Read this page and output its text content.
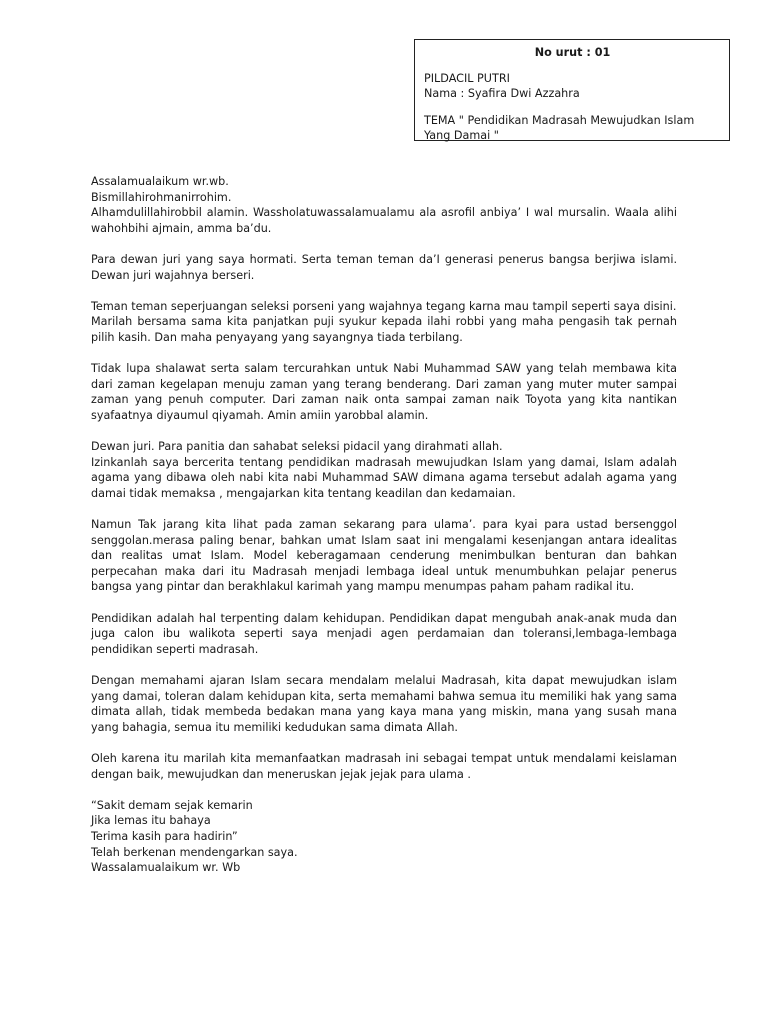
No urut : 01
PILDACIL PUTRI
Nama : Syafira Dwi Azzahra
TEMA " Pendidikan Madrasah Mewujudkan Islam
Yang Damai "

Assalamualaikum wr.wb.

Bismillahirohmanirrohim.

Alhamdulillahirobbil alamin. Wassholatuwassalamualamu ala asrofil anbiya’ I wal mursalin. Waala alihi wahohbihi ajmain, amma ba’du.

Para dewan juri yang saya hormati. Serta teman teman da’I generasi penerus bangsa berjiwa islami. Dewan juri wajahnya berseri.

Teman teman seperjuangan seleksi porseni yang wajahnya tegang karna mau tampil seperti saya disini.

Marilah bersama sama kita panjatkan puji syukur kepada ilahi robbi yang maha pengasih tak pernah pilih kasih. Dan maha penyayang yang sayangnya tiada terbilang.

Tidak lupa shalawat serta salam tercurahkan untuk Nabi Muhammad SAW yang telah membawa kita dari zaman kegelapan menuju zaman yang terang benderang. Dari zaman yang muter muter sampai zaman yang penuh computer. Dari zaman naik onta sampai zaman naik Toyota yang kita nantikan syafaatnya diyaumul qiyamah. Amin amiin yarobbal alamin.

Dewan juri. Para panitia dan sahabat seleksi pidacil yang dirahmati allah.

Izinkanlah saya bercerita tentang pendidikan madrasah mewujudkan Islam yang damai, Islam adalah agama yang dibawa oleh nabi kita nabi Muhammad SAW dimana agama tersebut adalah agama yang damai tidak memaksa , mengajarkan kita tentang keadilan dan kedamaian.

Namun Tak jarang kita lihat pada zaman sekarang para ulama’. para kyai para ustad bersenggol senggolan.merasa paling benar, bahkan umat Islam saat ini mengalami kesenjangan antara idealitas dan realitas umat Islam. Model keberagamaan cenderung menimbulkan benturan dan bahkan perpecahan maka dari itu Madrasah menjadi lembaga ideal untuk menumbuhkan pelajar penerus bangsa yang pintar dan berakhlakul karimah yang mampu menumpas paham paham radikal itu.

Pendidikan adalah hal terpenting dalam kehidupan. Pendidikan dapat mengubah anak-anak muda dan juga calon ibu walikota seperti saya menjadi agen perdamaian dan toleransi,lembaga-lembaga pendidikan seperti madrasah.

Dengan memahami ajaran Islam secara mendalam melalui Madrasah, kita dapat mewujudkan islam yang damai, toleran dalam kehidupan kita, serta memahami bahwa semua itu memiliki hak yang sama dimata allah, tidak membeda bedakan mana yang kaya mana yang miskin, mana yang susah mana yang bahagia, semua itu memiliki kedudukan sama dimata Allah.

Oleh karena itu marilah kita memanfaatkan madrasah ini sebagai tempat untuk mendalami keislaman dengan baik, mewujudkan dan meneruskan jejak jejak para ulama .

“Sakit demam sejak kemarin

Jika lemas itu bahaya

Terima kasih para hadirin”

Telah berkenan mendengarkan saya.

Wassalamualaikum wr. Wb
